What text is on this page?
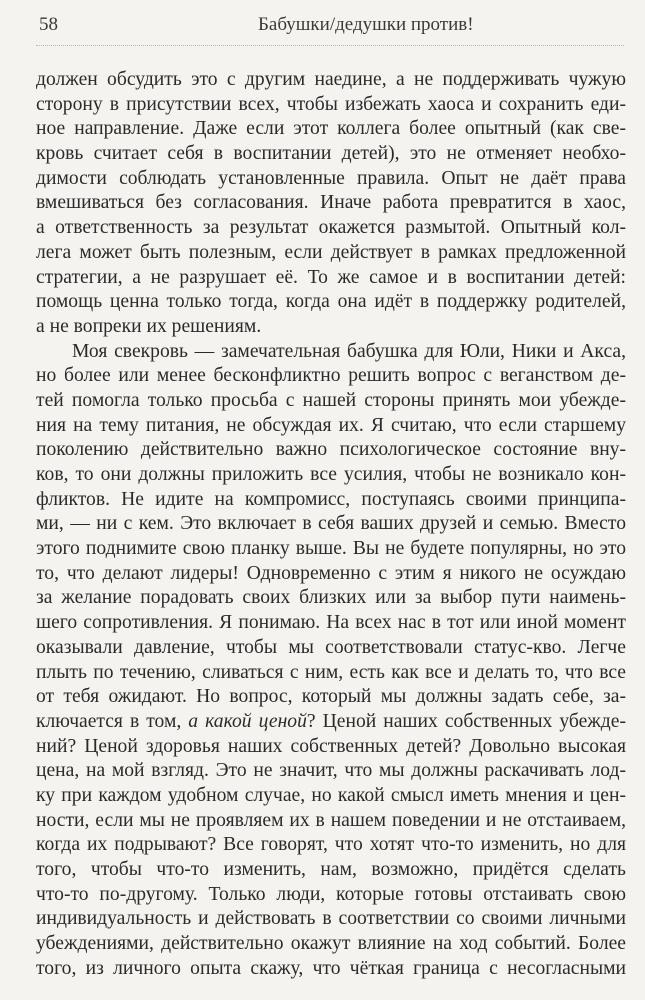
58	Бабушки/дедушки против!
должен обсудить это с другим наедине, а не поддерживать чужую
сторону в присутствии всех, чтобы избежать хаоса и сохранить еди-
ное направление. Даже если этот коллега более опытный (как све-
кровь считает себя в воспитании детей), это не отменяет необхо-
димости соблюдать установленные правила. Опыт не даёт права
вмешиваться без согласования. Иначе работа превратится в хаос,
а ответственность за результат окажется размытой. Опытный кол-
лега может быть полезным, если действует в рамках предложенной
стратегии, а не разрушает её. То же самое и в воспитании детей:
помощь ценна только тогда, когда она идёт в поддержку родителей,
а не вопреки их решениям.
Моя свекровь — замечательная бабушка для Юли, Ники и Акса,
но более или менее бесконфликтно решить вопрос с веганством де-
тей помогла только просьба с нашей стороны принять мои убежде-
ния на тему питания, не обсуждая их. Я считаю, что если старшему
поколению действительно важно психологическое состояние вну-
ков, то они должны приложить все усилия, чтобы не возникало кон-
фликтов. Не идите на компромисс, поступаясь своими принципа-
ми, — ни с кем. Это включает в себя ваших друзей и семью. Вместо
этого поднимите свою планку выше. Вы не будете популярны, но это
то, что делают лидеры! Одновременно с этим я никого не осуждаю
за желание порадовать своих близких или за выбор пути наимень-
шего сопротивления. Я понимаю. На всех нас в тот или иной момент
оказывали давление, чтобы мы соответствовали статус-кво. Легче
плыть по течению, сливаться с ним, есть как все и делать то, что все
от тебя ожидают. Но вопрос, который мы должны задать себе, за-
ключается в том, а какой ценой? Ценой наших собственных убежде-
ний? Ценой здоровья наших собственных детей? Довольно высокая
цена, на мой взгляд. Это не значит, что мы должны раскачивать лод-
ку при каждом удобном случае, но какой смысл иметь мнения и цен-
ности, если мы не проявляем их в нашем поведении и не отстаиваем,
когда их подрывают? Все говорят, что хотят что-то изменить, но для
того, чтобы что-то изменить, нам, возможно, придётся сделать
что-то по-другому. Только люди, которые готовы отстаивать свою
индивидуальность и действовать в соответствии со своими личными
убеждениями, действительно окажут влияние на ход событий. Более
того, из личного опыта скажу, что чёткая граница с несогласными
